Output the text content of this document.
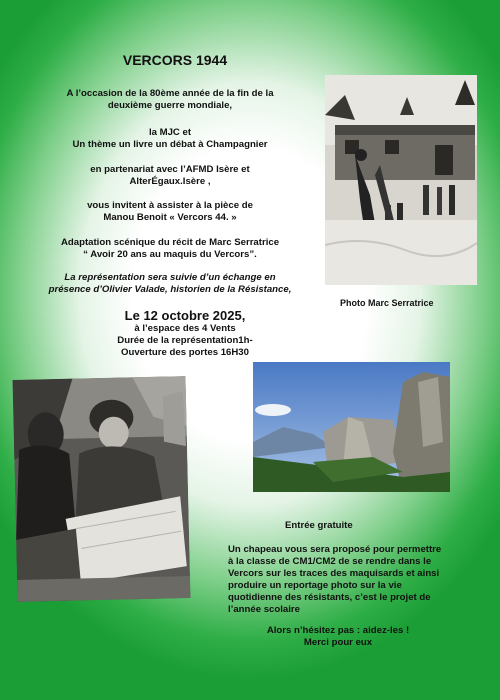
VERCORS 1944
A l’occasion de la 80ème année de la fin de la
deuxième guerre mondiale,
la MJC et
Un thème un livre un débat à Champagnier
en partenariat avec l’AFMD Isère et
AlterÉgaux.Isère ,
vous invitent à assister à la pièce de
Manou Benoit « Vercors 44. »
Adaptation scénique du récit de Marc Serratrice
“ Avoir 20 ans au maquis du Vercors”.
La représentation sera suivie d’un échange en
présence d’Olivier Valade, historien de la Résistance,
Photo Marc Serratrice
Le 12 octobre 2025,
à l’espace des 4 Vents
Durée de la représentation1h-
Ouverture des portes 16H30
Entrée gratuite
Un chapeau vous sera proposé pour permettre
à la classe de CM1/CM2 de se rendre dans le
Vercors sur les traces des maquisards et ainsi
produire un reportage photo sur la vie
quotidienne des résistants, c’est le projet de
l’année scolaire
Alors n’hésitez pas : aidez-les !
Merci pour eux
